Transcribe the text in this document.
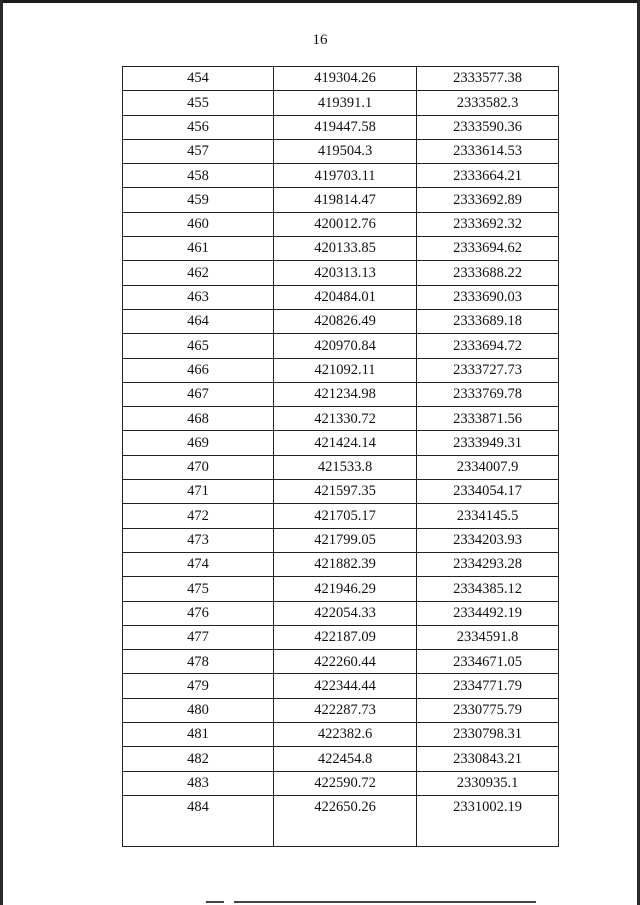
16
454	419304.26	2333577.38
455	419391.1	2333582.3
456	419447.58	2333590.36
457	419504.3	2333614.53
458	419703.11	2333664.21
459	419814.47	2333692.89
460	420012.76	2333692.32
461	420133.85	2333694.62
462	420313.13	2333688.22
463	420484.01	2333690.03
464	420826.49	2333689.18
465	420970.84	2333694.72
466	421092.11	2333727.73
467	421234.98	2333769.78
468	421330.72	2333871.56
469	421424.14	2333949.31
470	421533.8	2334007.9
471	421597.35	2334054.17
472	421705.17	2334145.5
473	421799.05	2334203.93
474	421882.39	2334293.28
475	421946.29	2334385.12
476	422054.33	2334492.19
477	422187.09	2334591.8
478	422260.44	2334671.05
479	422344.44	2334771.79
480	422287.73	2330775.79
481	422382.6	2330798.31
482	422454.8	2330843.21
483	422590.72	2330935.1
484	422650.26	2331002.19
